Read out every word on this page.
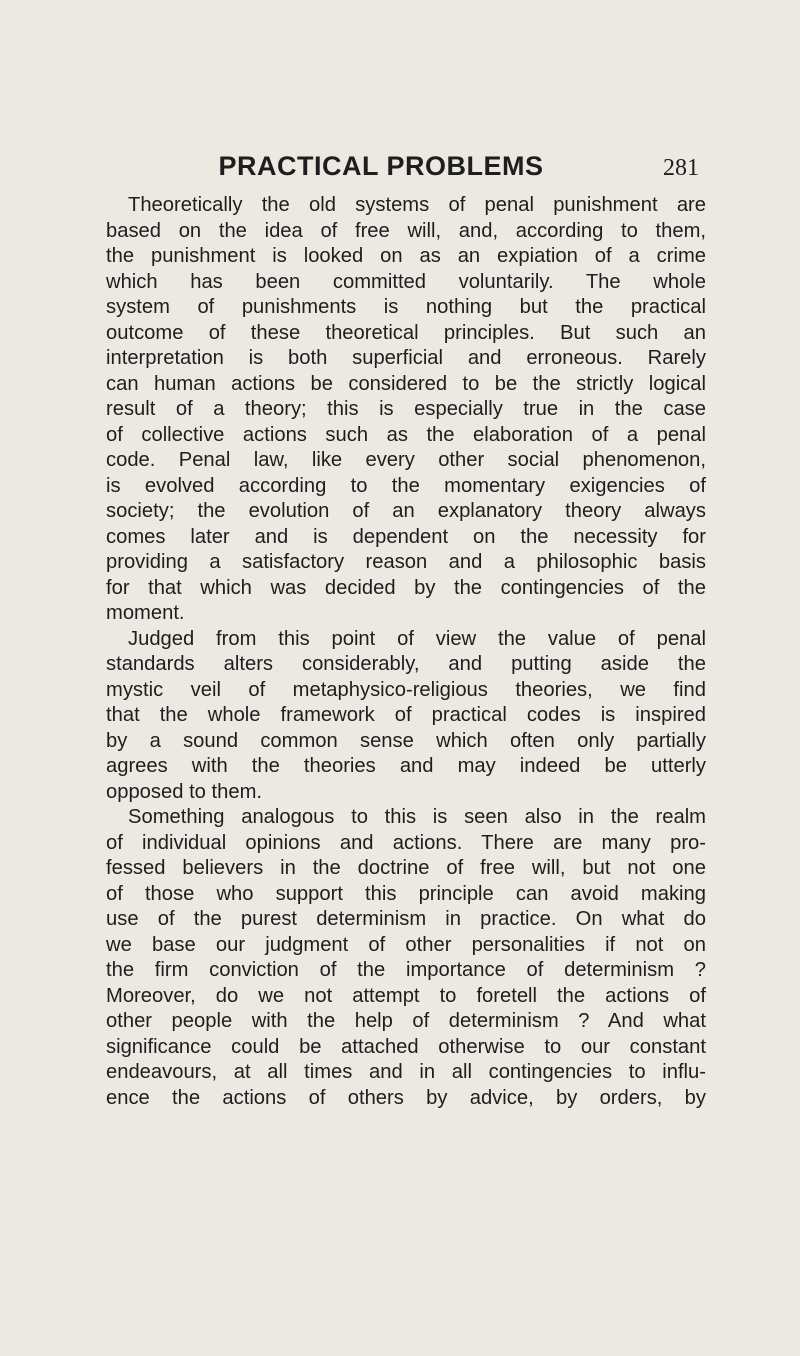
PRACTICAL PROBLEMS	281
Theoretically the old systems of penal punishment are
based on the idea of free will, and, according to them,
the punishment is looked on as an expiation of a crime
which has been committed voluntarily. The whole
system of punishments is nothing but the practical
outcome of these theoretical principles. But such an
interpretation is both superficial and erroneous. Rarely
can human actions be considered to be the strictly logical
result of a theory; this is especially true in the case
of collective actions such as the elaboration of a penal
code. Penal law, like every other social phenomenon,
is evolved according to the momentary exigencies of
society; the evolution of an explanatory theory always
comes later and is dependent on the necessity for
providing a satisfactory reason and a philosophic basis
for that which was decided by the contingencies of the
moment.
Judged from this point of view the value of penal
standards alters considerably, and putting aside the
mystic veil of metaphysico-religious theories, we find
that the whole framework of practical codes is inspired
by a sound common sense which often only partially
agrees with the theories and may indeed be utterly
opposed to them.
Something analogous to this is seen also in the realm
of individual opinions and actions. There are many pro-
fessed believers in the doctrine of free will, but not one
of those who support this principle can avoid making
use of the purest determinism in practice. On what do
we base our judgment of other personalities if not on
the firm conviction of the importance of determinism ?
Moreover, do we not attempt to foretell the actions of
other people with the help of determinism ? And what
significance could be attached otherwise to our constant
endeavours, at all times and in all contingencies to influ-
ence the actions of others by advice, by orders, by
